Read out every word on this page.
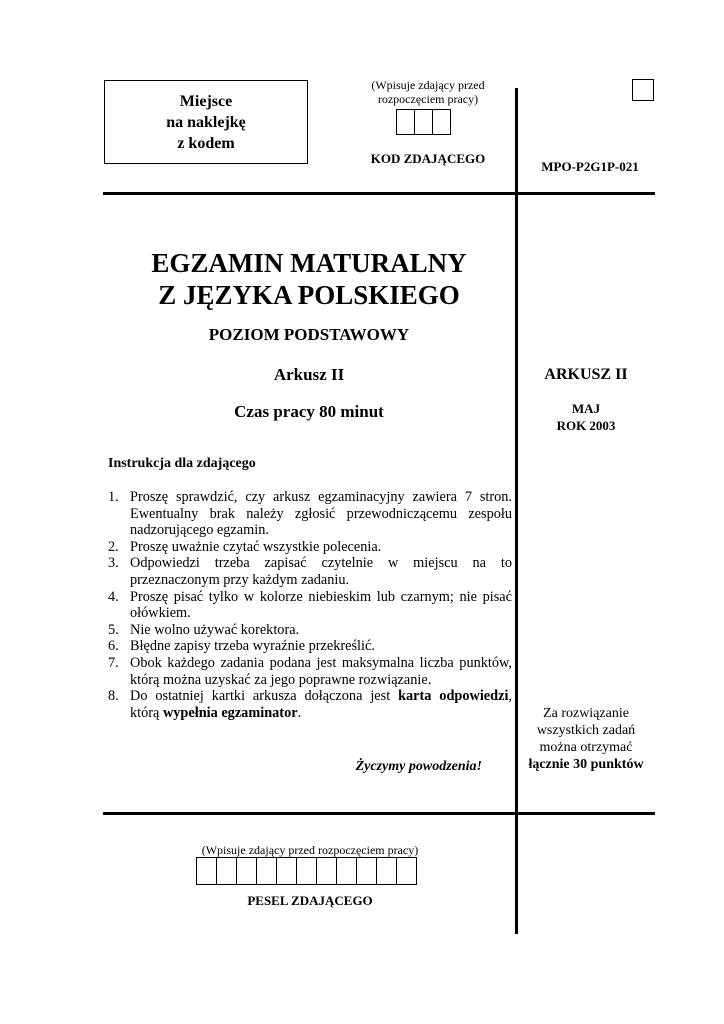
Miejsce
na naklejkę
z kodem
(Wpisuje zdający przed
rozpoczęciem pracy)
KOD ZDAJĄCEGO
MPO-P2G1P-021
EGZAMIN MATURALNY
Z JĘZYKA POLSKIEGO
POZIOM PODSTAWOWY
Arkusz II
Czas pracy 80 minut
Instrukcja dla zdającego
1. Proszę sprawdzić, czy arkusz egzaminacyjny zawiera 7 stron. Ewentualny brak należy zgłosić przewodniczącemu zespołu nadzorującego egzamin.
2. Proszę uważnie czytać wszystkie polecenia.
3. Odpowiedzi trzeba zapisać czytelnie w miejscu na to przeznaczonym przy każdym zadaniu.
4. Proszę pisać tylko w kolorze niebieskim lub czarnym; nie pisać ołówkiem.
5. Nie wolno używać korektora.
6. Błędne zapisy trzeba wyraźnie przekreślić.
7. Obok każdego zadania podana jest maksymalna liczba punktów, którą można uzyskać za jego poprawne rozwiązanie.
8. Do ostatniej kartki arkusza dołączona jest karta odpowiedzi, którą wypełnia egzaminator.
Życzymy powodzenia!
ARKUSZ II
MAJ
ROK 2003
Za rozwiązanie
wszystkich zadań
można otrzymać
łącznie 30 punktów
(Wpisuje zdający przed rozpoczęciem pracy)
PESEL ZDAJĄCEGO
